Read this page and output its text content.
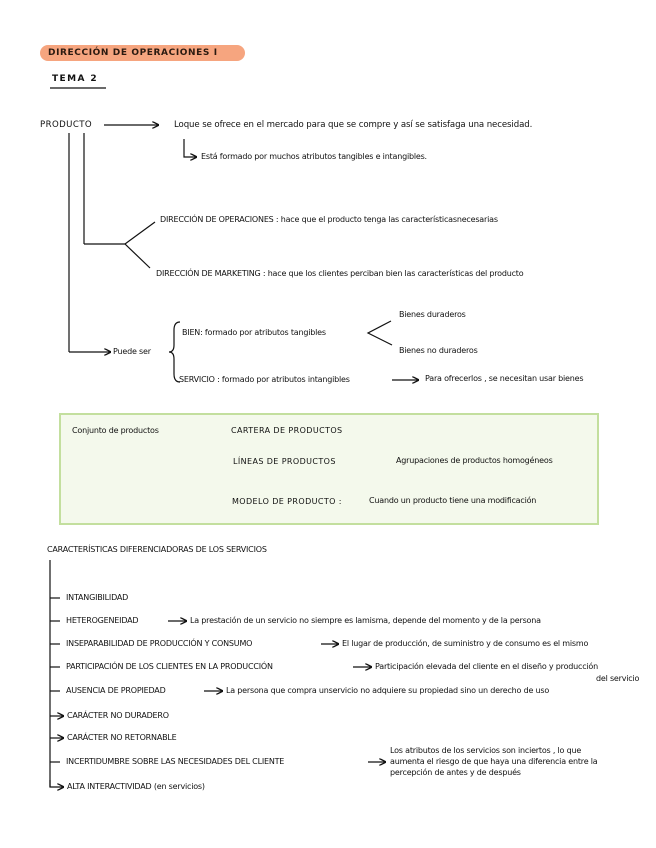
DIRECCIÓN DE OPERACIONES I
TEMA 2
PRODUCTO	Loque se ofrece en el mercado para que se compre y así se satisfaga una necesidad.
Está formado por muchos atributos tangibles e intangibles.
DIRECCIÓN DE OPERACIONES : hace que el producto tenga las característicasnecesarias
DIRECCIÓN DE MARKETING : hace que los clientes perciban bien las características del producto
Puede ser
BIEN: formado por atributos tangibles
Bienes duraderos
Bienes no duraderos
SERVICIO : formado por atributos intangibles	Para ofrecerlos , se necesitan usar bienes
Conjunto de productos	CARTERA DE PRODUCTOS
LÍNEAS DE PRODUCTOS	Agrupaciones de productos homogéneos
MODELO DE PRODUCTO :	Cuando un producto tiene una modificación
CARACTERÍSTICAS DIFERENCIADORAS DE LOS SERVICIOS
INTANGIBILIDAD
HETEROGENEIDAD	La prestación de un servicio no siempre es lamisma, depende del momento y de la persona
INSEPARABILIDAD DE PRODUCCIÓN Y CONSUMO	El lugar de producción, de suministro y de consumo es el mismo
PARTICIPACIÓN DE LOS CLIENTES EN LA PRODUCCIÓN	Participación elevada del cliente en el diseño y producción
del servicio
AUSENCIA DE PROPIEDAD	La persona que compra unservicio no adquiere su propiedad sino un derecho de uso
CARÁCTER NO DURADERO
CARÁCTER NO RETORNABLE
INCERTIDUMBRE SOBRE LAS NECESIDADES DEL CLIENTE
Los atributos de los servicios son inciertos , lo que
aumenta el riesgo de que haya una diferencia entre la
percepción de antes y de después
ALTA INTERACTIVIDAD (en servicios)
